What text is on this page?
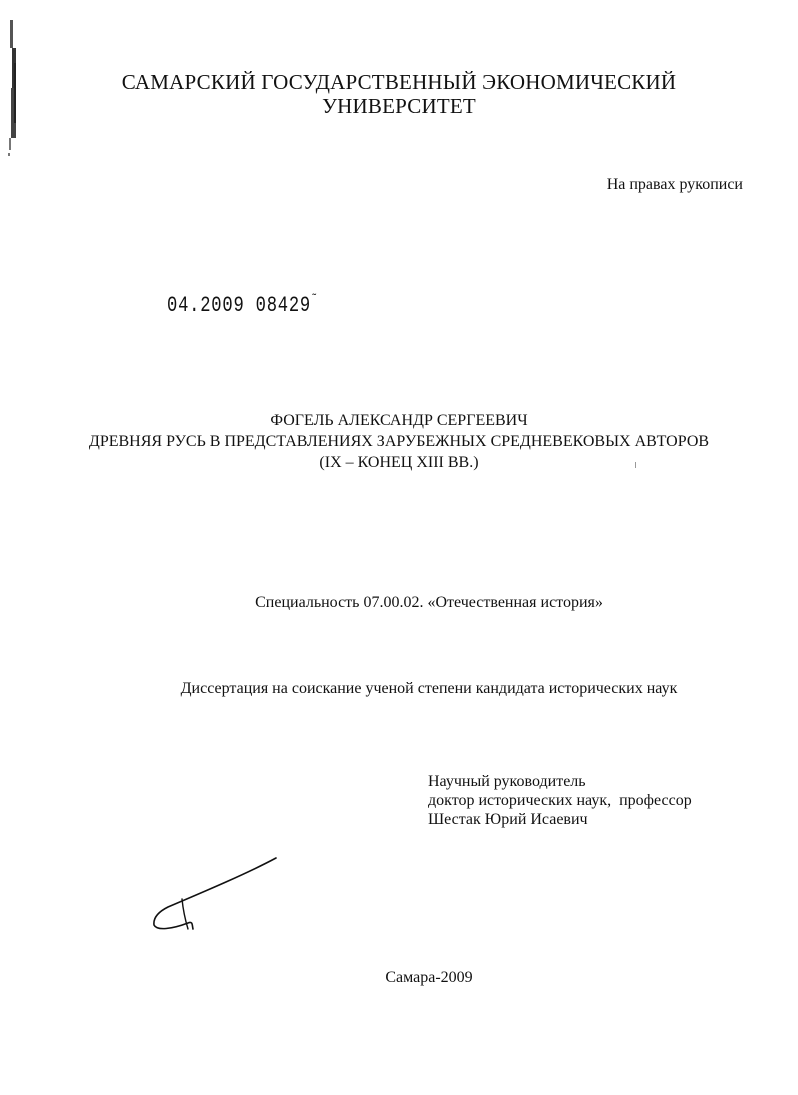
САМАРСКИЙ ГОСУДАРСТВЕННЫЙ ЭКОНОМИЧЕСКИЙ
УНИВЕРСИТЕТ
На правах рукописи
04.2009 08429˜
ФОГЕЛЬ АЛЕКСАНДР СЕРГЕЕВИЧ
ДРЕВНЯЯ РУСЬ В ПРЕДСТАВЛЕНИЯХ ЗАРУБЕЖНЫХ СРЕДНЕВЕКОВЫХ АВТОРОВ
(IX – КОНЕЦ XIII ВВ.)
Специальность 07.00.02. «Отечественная история»
Диссертация на соискание ученой степени кандидата исторических наук
Научный руководитель
доктор исторических наук,  профессор
Шестак Юрий Исаевич
Самара-2009
